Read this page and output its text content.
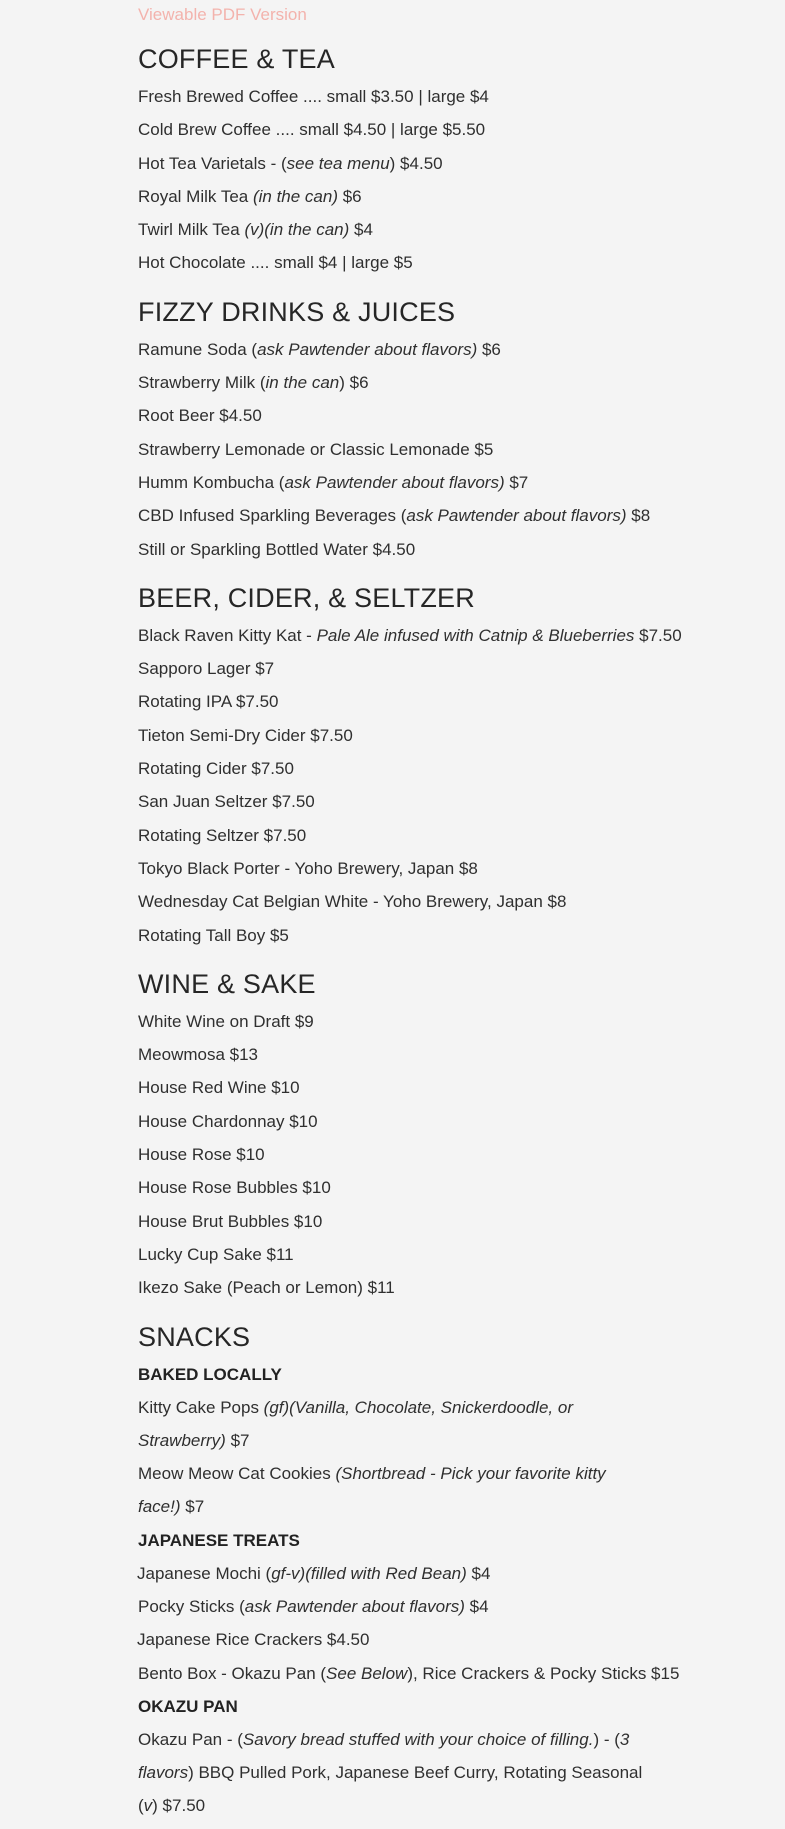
Viewable PDF Version
COFFEE & TEA

Fresh Brewed Coffee .... small $3.50 | large $4

Cold Brew Coffee .... small $4.50 | large $5.50

Hot Tea Varietals - (see tea menu) $4.50

Royal Milk Tea (in the can) $6

Twirl Milk Tea (v)(in the can) $4

Hot Chocolate .... small $4 | large $5

FIZZY DRINKS & JUICES

Ramune Soda (ask Pawtender about flavors) $6

Strawberry Milk (in the can) $6

Root Beer $4.50

Strawberry Lemonade or Classic Lemonade $5

Humm Kombucha (ask Pawtender about flavors) $7

CBD Infused Sparkling Beverages (ask Pawtender about flavors) $8

Still or Sparkling Bottled Water $4.50

BEER, CIDER, & SELTZER

Black Raven Kitty Kat - Pale Ale infused with Catnip & Blueberries $7.50

Sapporo Lager $7

Rotating IPA $7.50

Tieton Semi-Dry Cider $7.50

Rotating Cider $7.50

San Juan Seltzer $7.50

Rotating Seltzer $7.50

Tokyo Black Porter - Yoho Brewery, Japan $8

Wednesday Cat Belgian White - Yoho Brewery, Japan $8

Rotating Tall Boy $5

WINE & SAKE

White Wine on Draft $9

Meowmosa $13

House Red Wine $10

House Chardonnay $10

House Rose $10

House Rose Bubbles $10

House Brut Bubbles $10

Lucky Cup Sake $11

Ikezo Sake (Peach or Lemon) $11

SNACKS

BAKED LOCALLY

Kitty Cake Pops (gf)(Vanilla, Chocolate, Snickerdoodle, or Strawberry) $7

Meow Meow Cat Cookies (Shortbread - Pick your favorite kitty face!) $7

JAPANESE TREATS

Japanese Mochi (gf-v)(filled with Red Bean) $4

Pocky Sticks (ask Pawtender about flavors) $4

Japanese Rice Crackers $4.50

Bento Box - Okazu Pan (See Below), Rice Crackers & Pocky Sticks $15

OKAZU PAN

Okazu Pan - (Savory bread stuffed with your choice of filling.) - (3 flavors) BBQ Pulled Pork, Japanese Beef Curry, Rotating Seasonal (v) $7.50
